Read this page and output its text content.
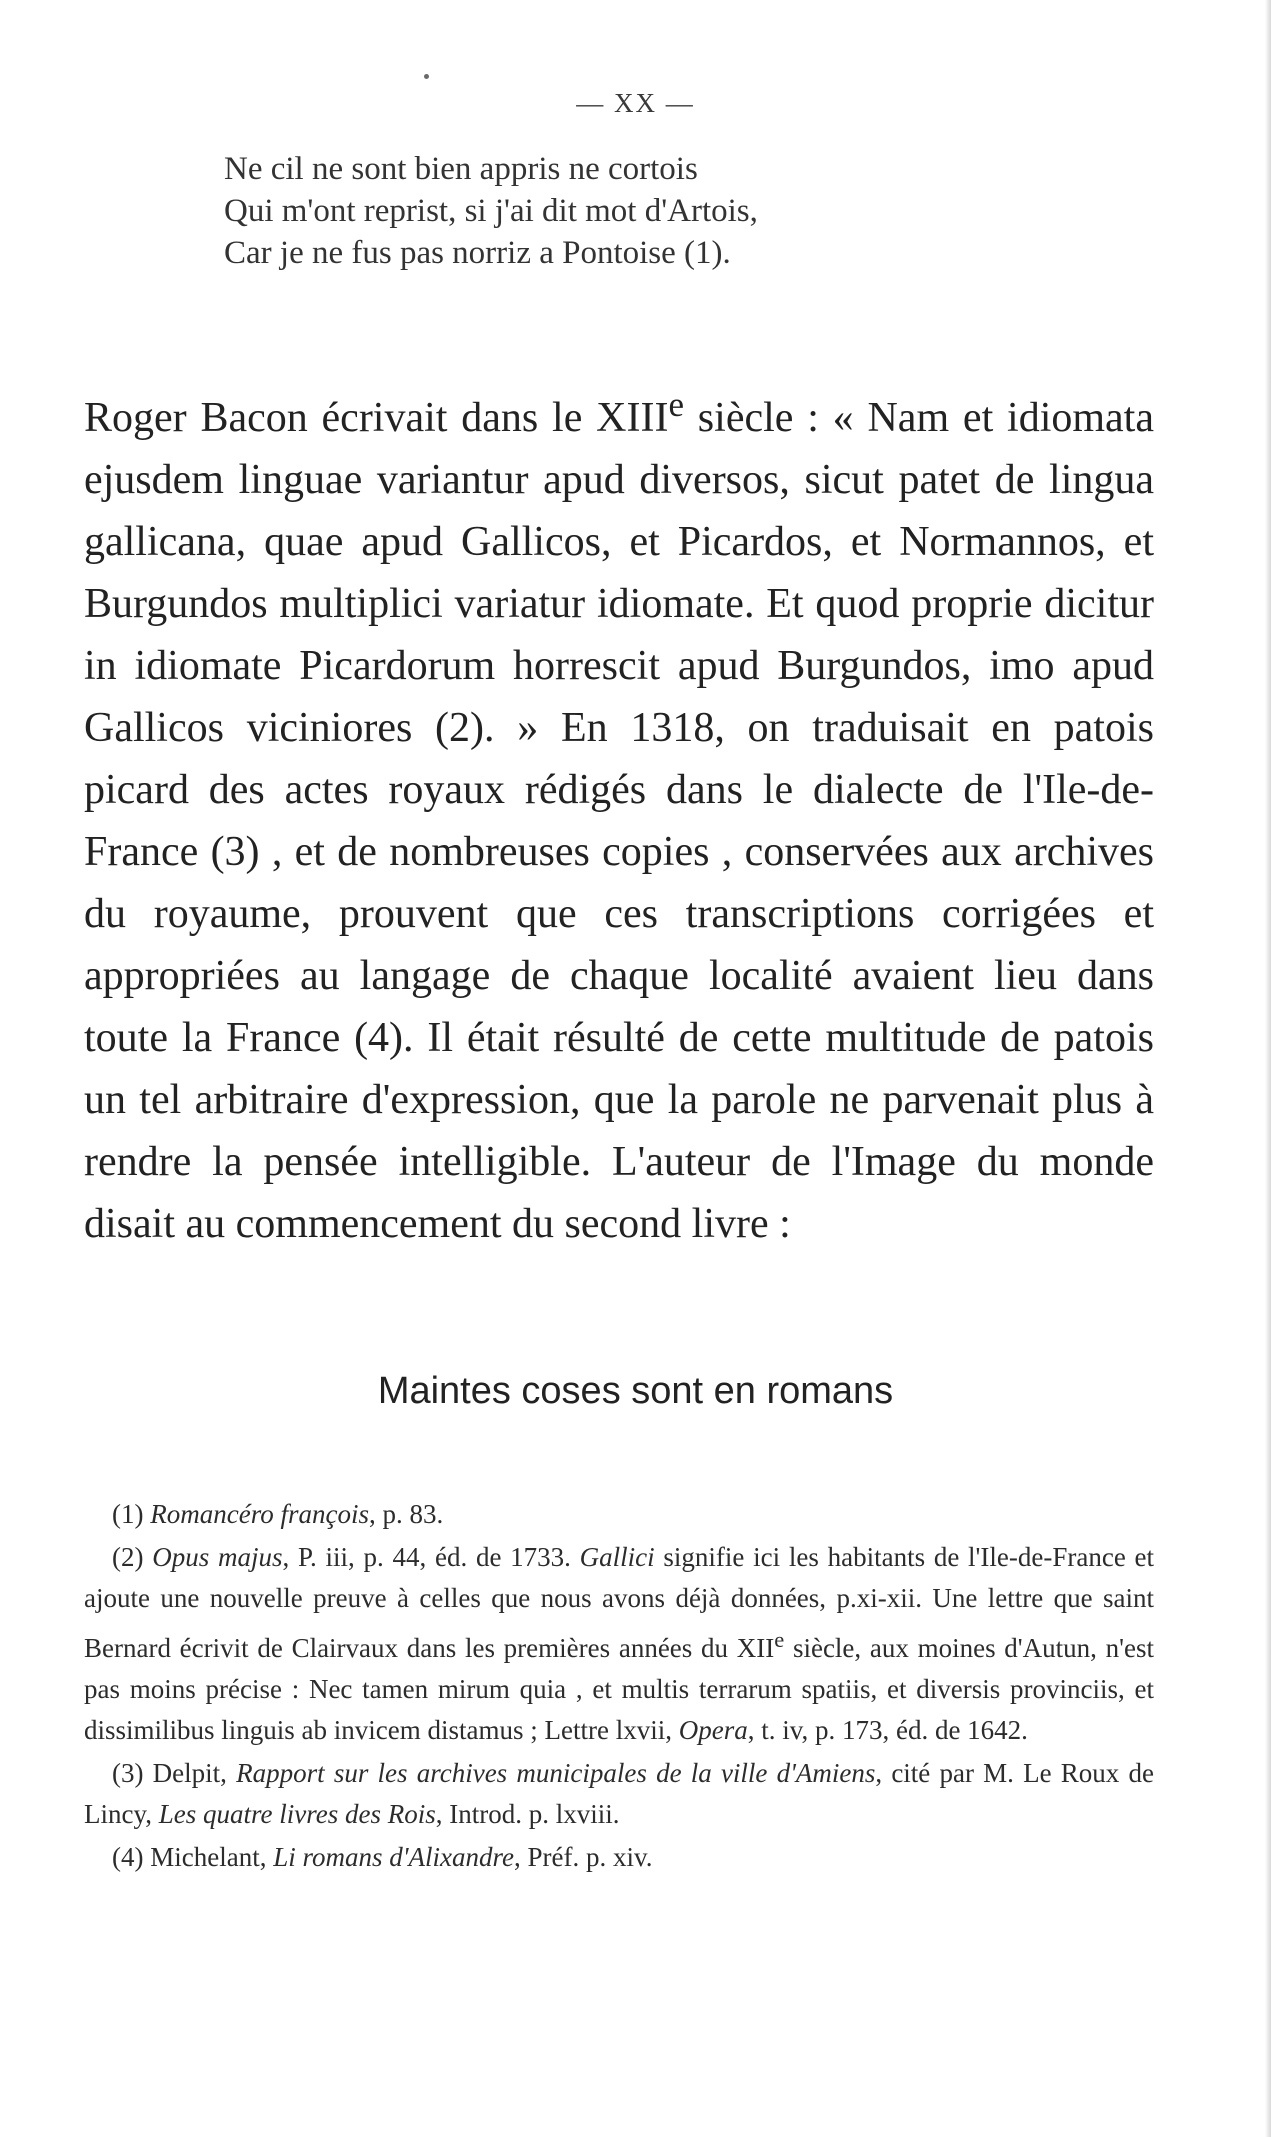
— XX —
Ne cil ne sont bien appris ne cortois
Qui m'ont reprist, si j'ai dit mot d'Artois,
Car je ne fus pas norriz a Pontoise (1).

Roger Bacon écrivait dans le XIIIe siècle : « Nam et idiomata ejusdem linguae variantur apud diversos, sicut patet de lingua gallicana, quae apud Gallicos, et Picardos, et Normannos, et Burgundos multiplici variatur idiomate. Et quod proprie dicitur in idiomate Picardorum horrescit apud Burgundos, imo apud Gallicos viciniores (2). » En 1318, on traduisait en patois picard des actes royaux rédigés dans le dialecte de l'Ile-de-France (3) , et de nombreuses copies , conservées aux archives du royaume, prouvent que ces transcriptions corrigées et appropriées au langage de chaque localité avaient lieu dans toute la France (4). Il était résulté de cette multitude de patois un tel arbitraire d'expression, que la parole ne parvenait plus à rendre la pensée intelligible. L'auteur de l'Image du monde disait au commencement du second livre :

Maintes coses sont en romans

(1) Romancéro françois, p. 83.

(2) Opus majus, P. iii, p. 44, éd. de 1733. Gallici signifie ici les habitants de l'Ile-de-France et ajoute une nouvelle preuve à celles que nous avons déjà données, p.xi-xii. Une lettre que saint Bernard écrivit de Clairvaux dans les premières années du XIIe siècle, aux moines d'Autun, n'est pas moins précise : Nec tamen mirum quia , et multis terrarum spatiis, et diversis provinciis, et dissimilibus linguis ab invicem distamus ; Lettre lxvii, Opera, t. iv, p. 173, éd. de 1642.

(3) Delpit, Rapport sur les archives municipales de la ville d'Amiens, cité par M. Le Roux de Lincy, Les quatre livres des Rois, Introd. p. lxviii.

(4) Michelant, Li romans d'Alixandre, Préf. p. xiv.
